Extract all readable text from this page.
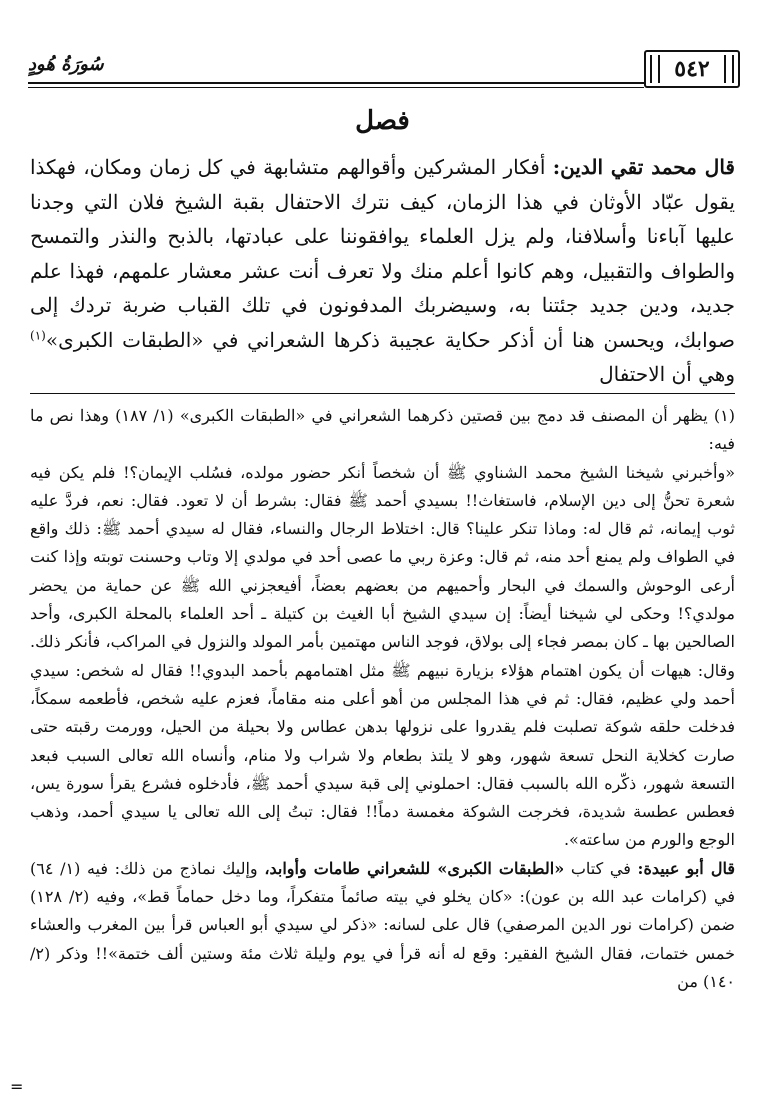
٥٤٢
سُورَةُ هُودٍ
فصل

قال محمد تقي الدين: أفكار المشركين وأقوالهم متشابهة في كل زمان ومكان، فهكذا يقول عبّاد الأوثان في هذا الزمان، كيف نترك الاحتفال بقبة الشيخ فلان التي وجدنا عليها آباءنا وأسلافنا، ولم يزل العلماء يوافقوننا على عبادتها، بالذبح والنذر والتمسح والطواف والتقبيل، وهم كانوا أعلم منك ولا تعرف أنت عشر معشار علمهم، فهذا علم جديد، ودين جديد جئتنا به، وسيضربك المدفونون في تلك القباب ضربة تردك إلى صوابك، ويحسن هنا أن أذكر حكاية عجيبة ذكرها الشعراني في «الطبقات الكبرى»$^{(١)}$ وهي أن الاحتفال

(١) يظهر أن المصنف قد دمج بين قصتين ذكرهما الشعراني في «الطبقات الكبرى» (١/ ١٨٧) وهذا نص ما فيه:

«وأخبرني شيخنا الشيخ محمد الشناوي ﷺ أن شخصاً أنكر حضور مولده، فسُلب الإيمان؟! فلم يكن فيه شعرة تحنُّ إلى دين الإسلام، فاستغاث!! بسيدي أحمد ﷺ فقال: بشرط أن لا تعود. فقال: نعم، فردَّ عليه ثوب إيمانه، ثم قال له: وماذا تنكر علينا؟ قال: اختلاط الرجال والنساء، فقال له سيدي أحمد ﷺ: ذلك واقع في الطواف ولم يمنع أحد منه، ثم قال: وعزة ربي ما عصى أحد في مولدي إلا وتاب وحسنت توبته وإذا كنت أرعى الوحوش والسمك في البحار وأحميهم من بعضهم بعضاً، أفيعجزني الله ﷺ عن حماية من يحضر مولدي؟! وحكى لي شيخنا أيضاً: إن سيدي الشيخ أبا الغيث بن كتيلة ـ أحد العلماء بالمحلة الكبرى، وأحد الصالحين بها ـ كان بمصر فجاء إلى بولاق، فوجد الناس مهتمين بأمر المولد والنزول في المراكب، فأنكر ذلك. وقال: هيهات أن يكون اهتمام هؤلاء بزيارة نبيهم ﷺ مثل اهتمامهم بأحمد البدوي!! فقال له شخص: سيدي أحمد ولي عظيم، فقال: ثم في هذا المجلس من أهو أعلى منه مقاماً، فعزم عليه شخص، فأطعمه سمكاً، فدخلت حلقه شوكة تصلبت فلم يقدروا على نزولها بدهن عطاس ولا بحيلة من الحيل، وورمت رقبته حتى صارت كخلاية النحل تسعة شهور، وهو لا يلتذ بطعام ولا شراب ولا منام، وأنساه الله تعالى السبب فبعد التسعة شهور، ذكّره الله بالسبب فقال: احملوني إلى قبة سيدي أحمد ﷺ، فأدخلوه فشرع يقرأ سورة يس، فعطس عطسة شديدة، فخرجت الشوكة مغمسة دماً!! فقال: تبتُ إلى الله تعالى يا سيدي أحمد، وذهب الوجع والورم من ساعته».

قال أبو عبيدة: في كتاب «الطبقات الكبرى» للشعراني طامات وأوابد، وإليك نماذج من ذلك: فيه (١/ ٦٤) في (كرامات عبد الله بن عون): «كان يخلو في بيته صائماً متفكراً، وما دخل حماماً قط»، وفيه (٢/ ١٢٨) ضمن (كرامات نور الدين المرصفي) قال على لسانه: «ذكر لي سيدي أبو العباس قرأ بين المغرب والعشاء خمس ختمات، فقال الشيخ الفقير: وقع له أنه قرأ في يوم وليلة ثلاث مئة وستين ألف ختمة»!! وذكر (٢/ ١٤٠) من

=
